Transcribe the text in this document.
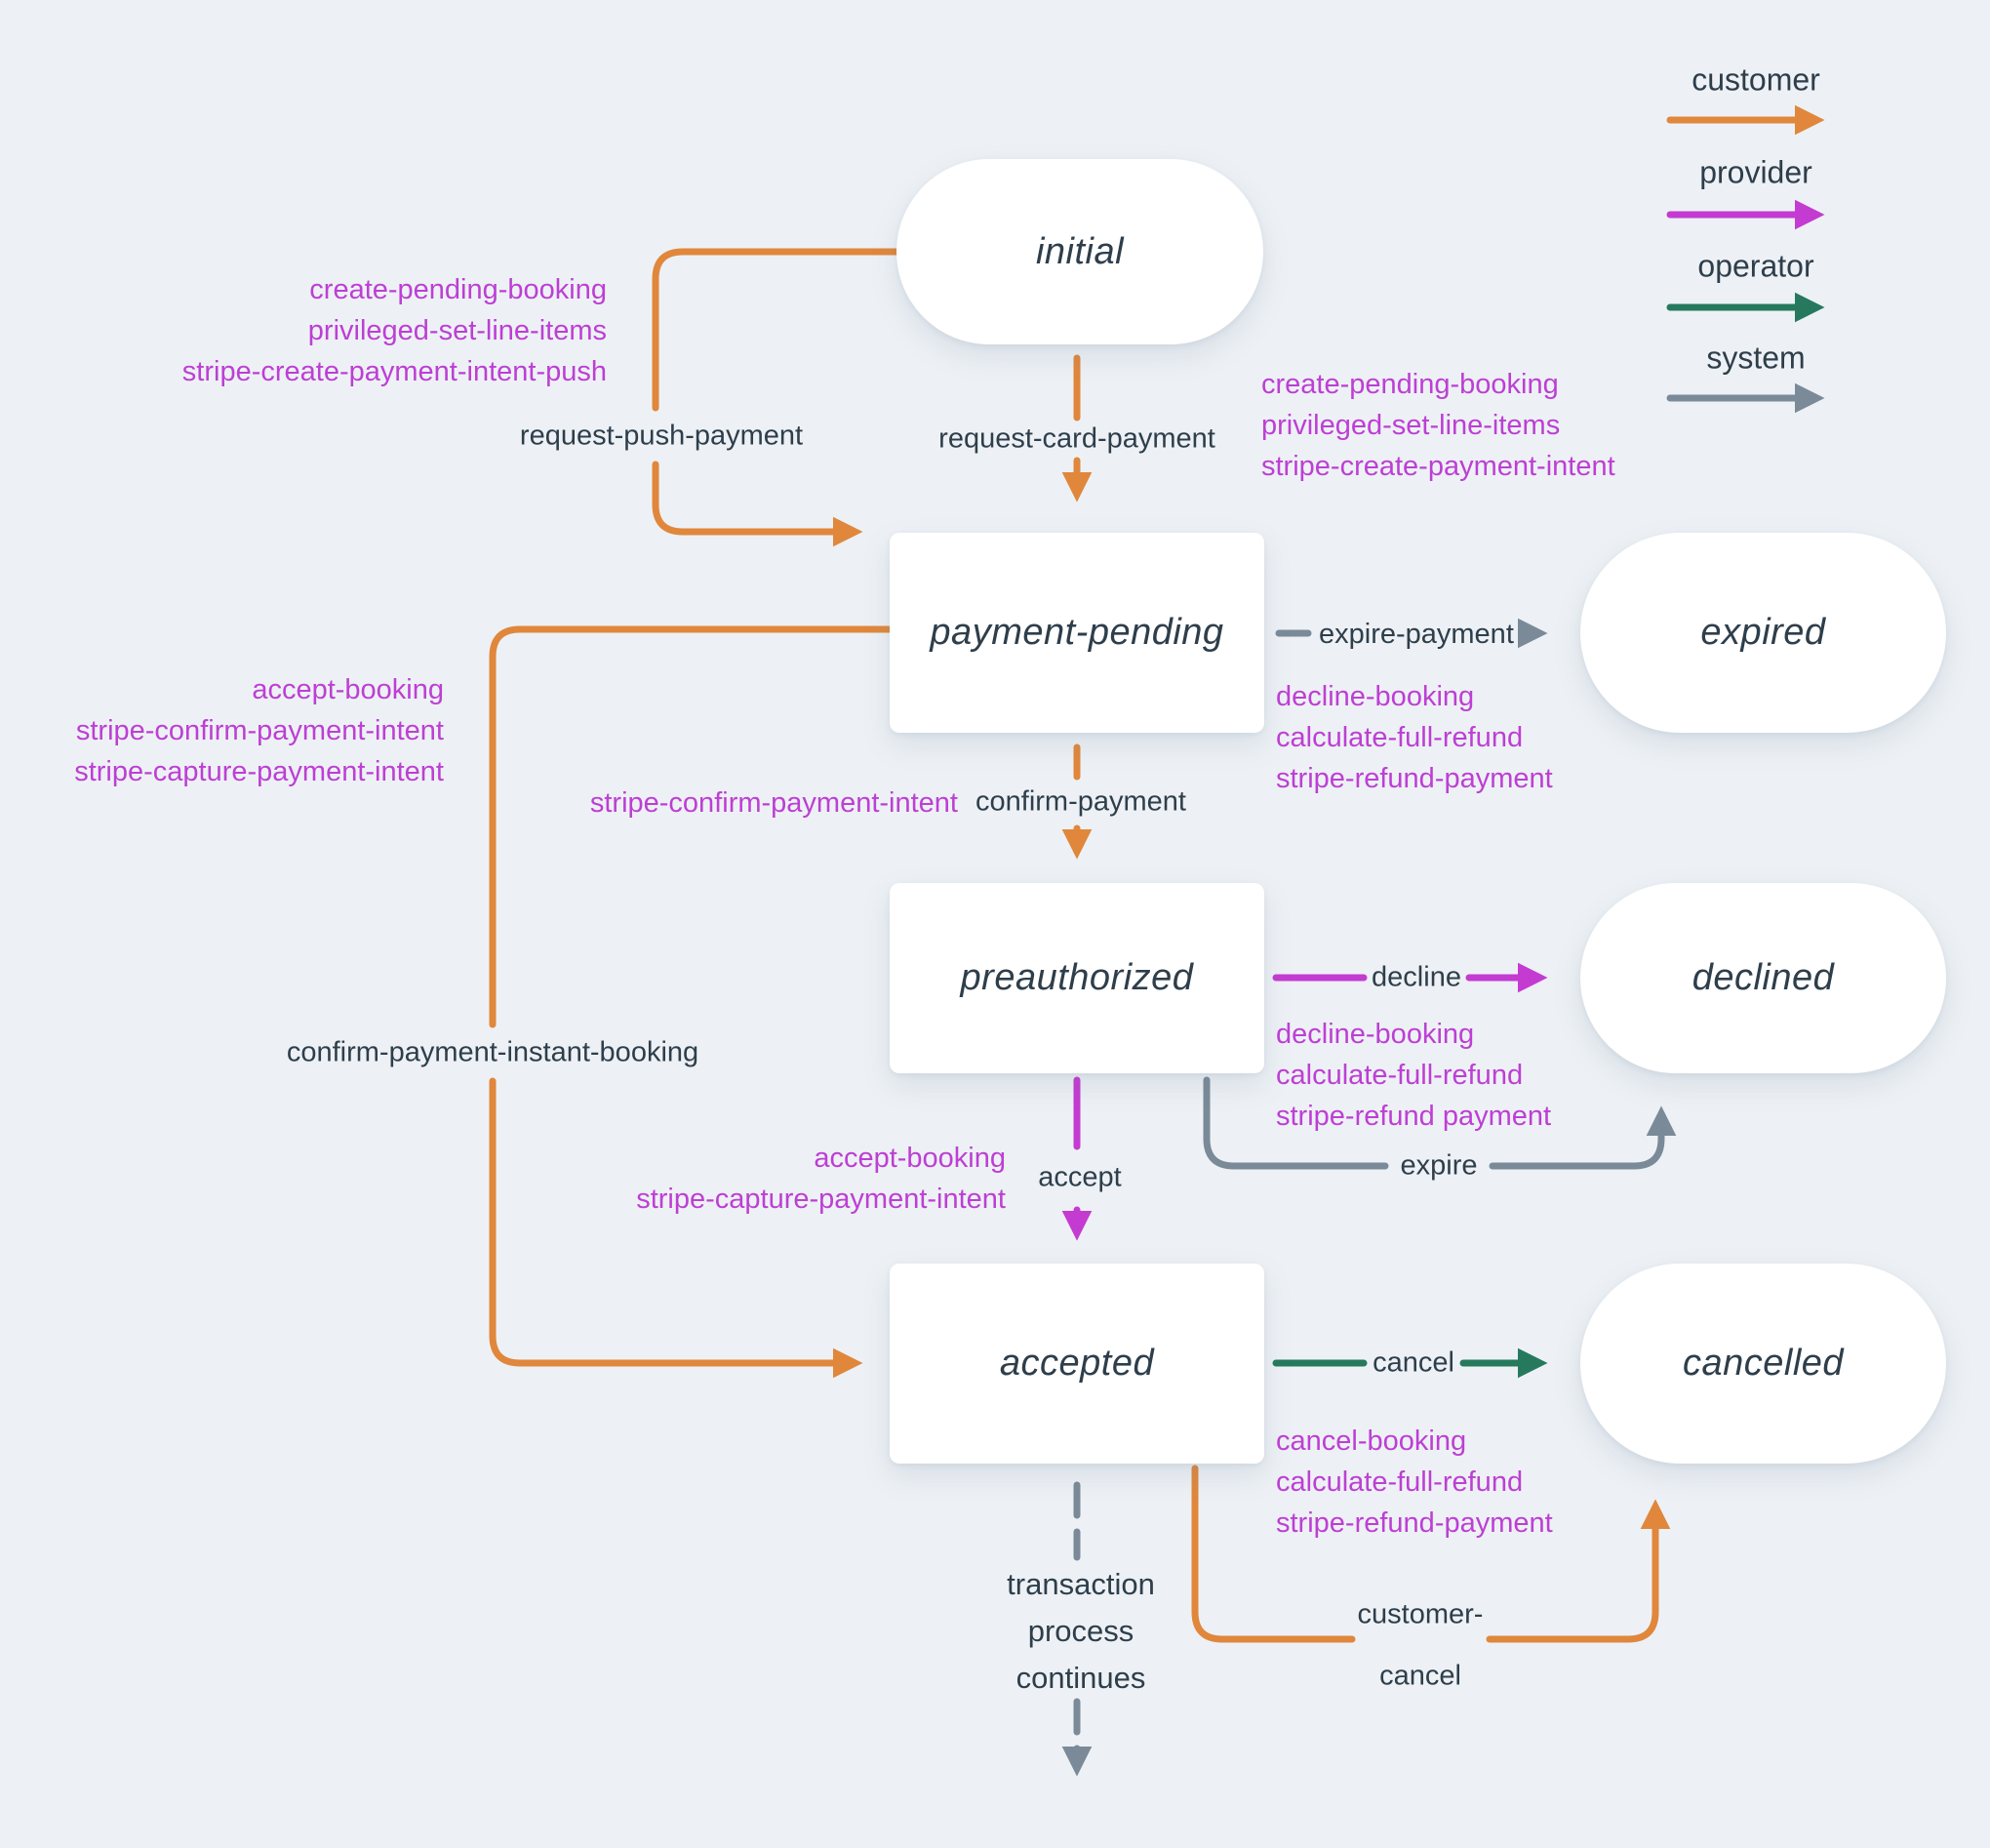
customer
provider
operator
system
initial
payment-pending	expired
preauthorized	declined
accepted	cancelled
create-pending-booking
privileged-set-line-items
stripe-create-payment-intent-push
request-push-payment	request-card-payment
create-pending-booking
privileged-set-line-items
stripe-create-payment-intent
expire-payment
decline-booking
calculate-full-refund
stripe-refund-payment
stripe-confirm-payment-intent confirm-payment
accept-booking
stripe-confirm-payment-intent
stripe-capture-payment-intent
confirm-payment-instant-booking
decline
decline-booking
calculate-full-refund
stripe-refund payment
expire
accept-booking
stripe-capture-payment-intent
accept
cancel
cancel-booking
calculate-full-refund
stripe-refund-payment
customer-
cancel
transaction
process
continues
